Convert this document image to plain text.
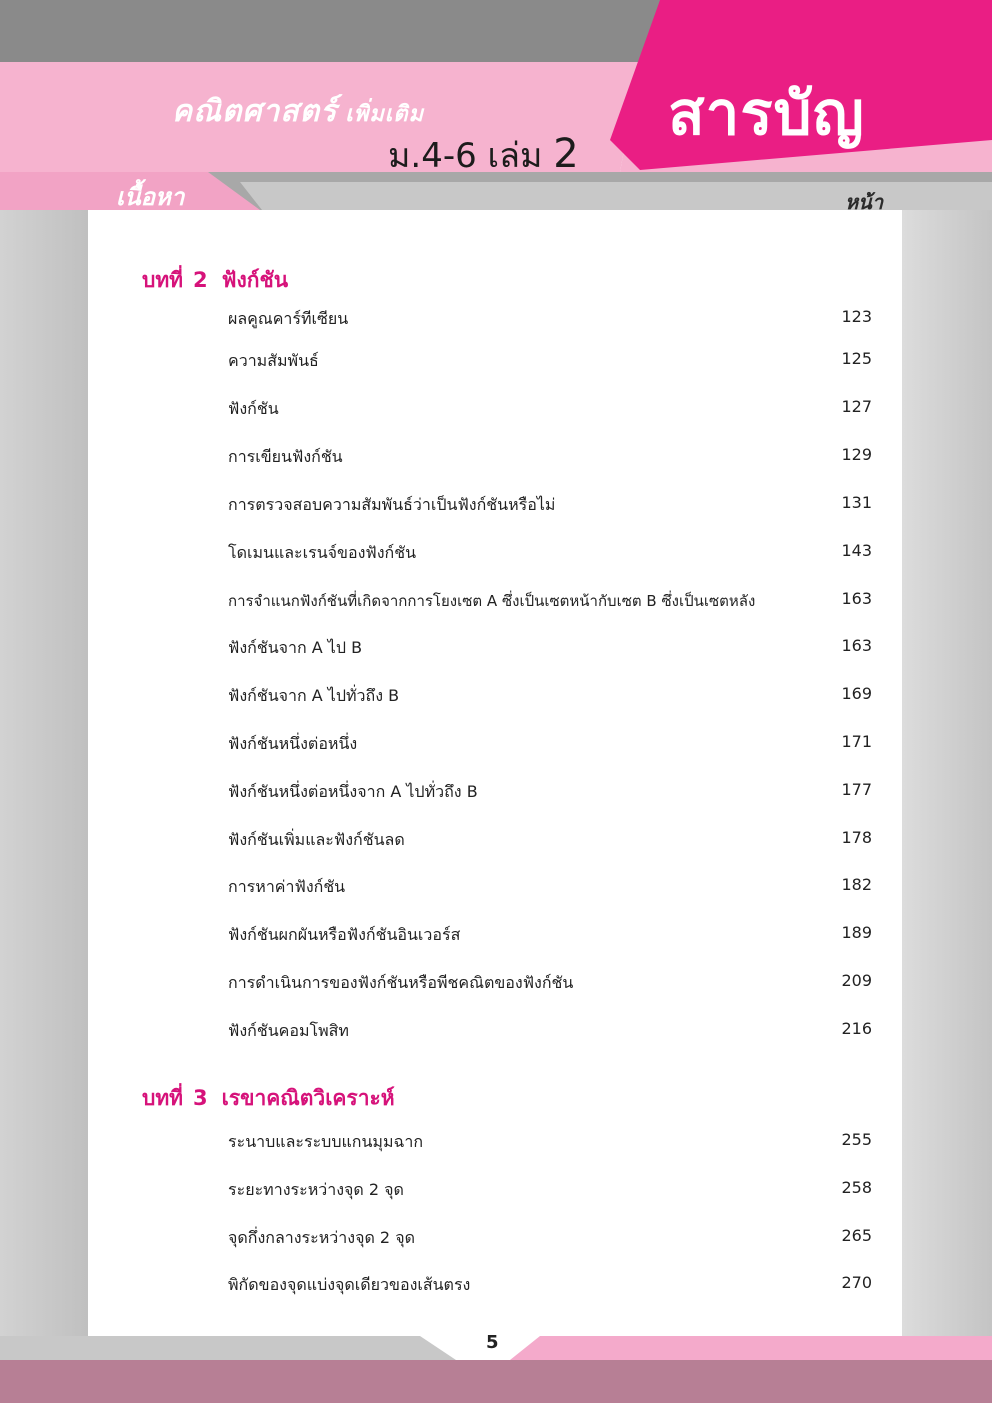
คณิตศาสตร์ เพิ่มเติม
ม.4-6 เล่ม 2
สารบัญ
เนื้อหา	หน้า
บทที่ 2 ฟังก์ชัน
ผลคูณคาร์ทีเซียน	123
ความสัมพันธ์	125
ฟังก์ชัน	127
การเขียนฟังก์ชัน	129
การตรวจสอบความสัมพันธ์ว่าเป็นฟังก์ชันหรือไม่	131
โดเมนและเรนจ์ของฟังก์ชัน	143
การจำแนกฟังก์ชันที่เกิดจากการโยงเซต A ซึ่งเป็นเซตหน้ากับเซต B ซึ่งเป็นเซตหลัง	163
ฟังก์ชันจาก A ไป B	163
ฟังก์ชันจาก A ไปทั่วถึง B	169
ฟังก์ชันหนึ่งต่อหนึ่ง	171
ฟังก์ชันหนึ่งต่อหนึ่งจาก A ไปทั่วถึง B	177
ฟังก์ชันเพิ่มและฟังก์ชันลด	178
การหาค่าฟังก์ชัน	182
ฟังก์ชันผกผันหรือฟังก์ชันอินเวอร์ส	189
การดำเนินการของฟังก์ชันหรือพีชคณิตของฟังก์ชัน	209
ฟังก์ชันคอมโพสิท	216
บทที่ 3 เรขาคณิตวิเคราะห์
ระนาบและระบบแกนมุมฉาก	255
ระยะทางระหว่างจุด 2 จุด	258
จุดกึ่งกลางระหว่างจุด 2 จุด	265
พิกัดของจุดแบ่งจุดเดียวของเส้นตรง	270
5
